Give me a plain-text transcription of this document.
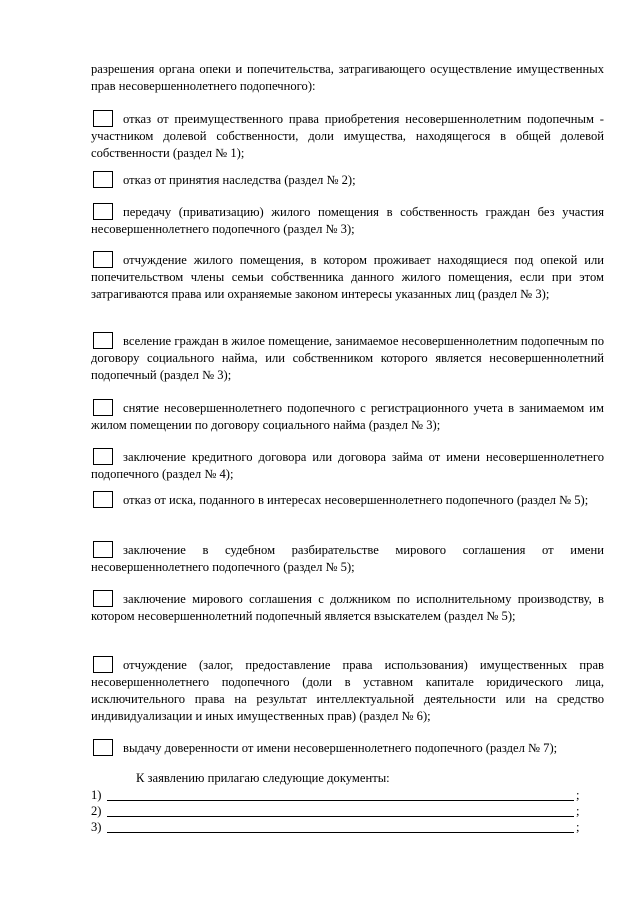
разрешения органа опеки и попечительства, затрагивающего осуществление имущественных прав несовершеннолетнего подопечного):
отказ от преимущественного права приобретения несовершеннолетним подопечным - участником долевой собственности, доли имущества, находящегося в общей долевой собственности (раздел № 1);
отказ от принятия наследства (раздел № 2);
передачу (приватизацию) жилого помещения в собственность граждан без участия несовершеннолетнего подопечного (раздел № 3);
отчуждение жилого помещения, в котором проживает находящиеся под опекой или попечительством члены семьи собственника данного жилого помещения, если при этом затрагиваются права или охраняемые законом интересы указанных лиц (раздел № 3);
вселение граждан в жилое помещение, занимаемое несовершеннолетним подопечным по договору социального найма, или собственником которого является несовершеннолетний подопечный (раздел № 3);
снятие несовершеннолетнего подопечного с регистрационного учета в занимаемом им жилом помещении по договору социального найма (раздел № 3);
заключение кредитного договора или договора займа от имени несовершеннолетнего подопечного (раздел № 4);
отказ от иска, поданного в интересах несовершеннолетнего подопечного (раздел № 5);
заключение в судебном разбирательстве мирового соглашения от имени несовершеннолетнего подопечного (раздел № 5);
заключение мирового соглашения с должником по исполнительному производству, в котором несовершеннолетний подопечный является взыскателем (раздел № 5);
отчуждение (залог, предоставление права использования) имущественных прав несовершеннолетнего подопечного (доли в уставном капитале юридического лица, исключительного права на результат интеллектуальной деятельности или на средство индивидуализации и иных имущественных прав) (раздел № 6);
выдачу доверенности от имени несовершеннолетнего подопечного (раздел № 7);
К заявлению прилагаю следующие документы:
1)	;
2)	;
3)	;
